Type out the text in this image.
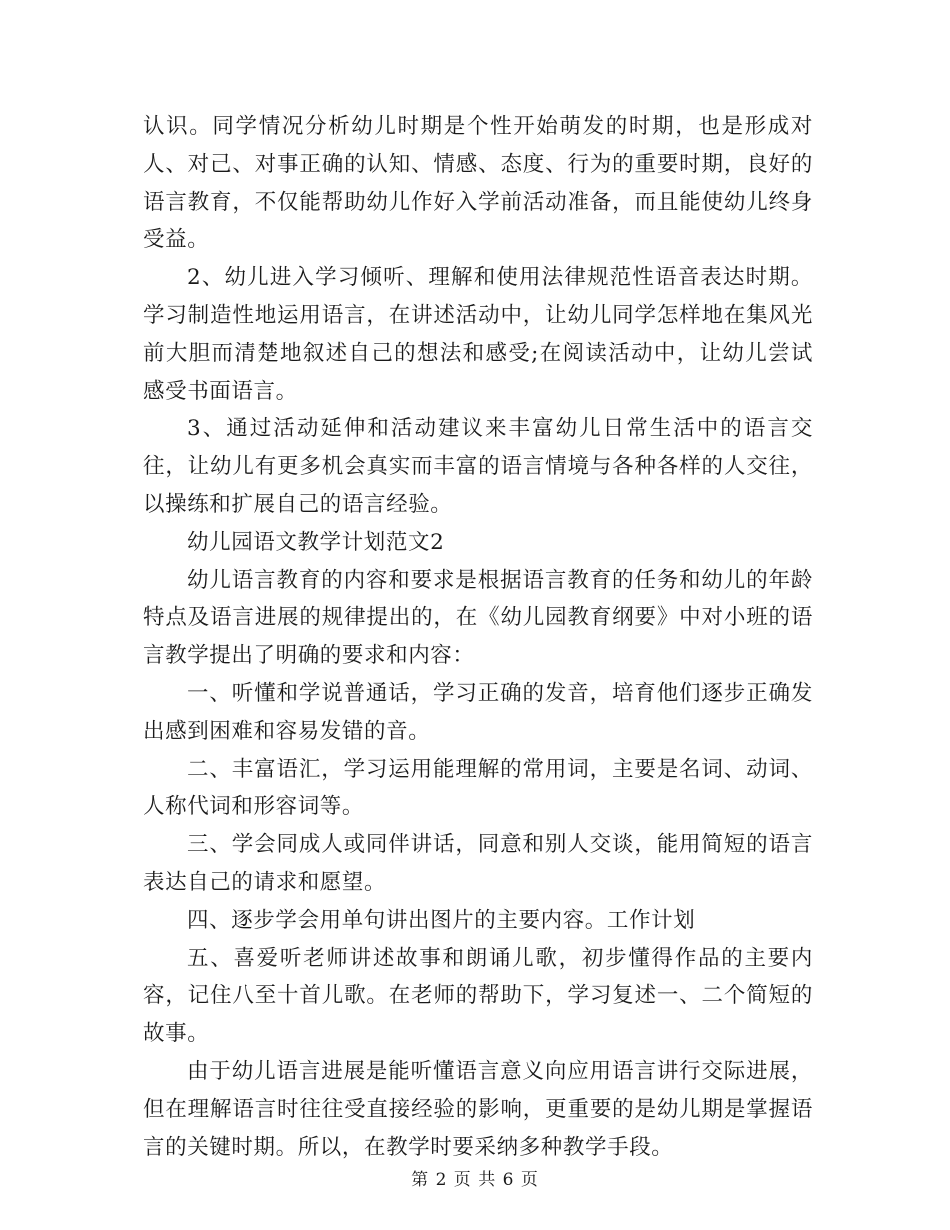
认识。同学情况分析幼儿时期是个性开始萌发的时期，也是形成对人、对己、对事正确的认知、情感、态度、行为的重要时期，良好的语言教育，不仅能帮助幼儿作好入学前活动准备，而且能使幼儿终身受益。

2、幼儿进入学习倾听、理解和使用法律规范性语音表达时期。学习制造性地运用语言，在讲述活动中，让幼儿同学怎样地在集风光前大胆而清楚地叙述自己的想法和感受;在阅读活动中，让幼儿尝试感受书面语言。

3、通过活动延伸和活动建议来丰富幼儿日常生活中的语言交往，让幼儿有更多机会真实而丰富的语言情境与各种各样的人交往，以操练和扩展自己的语言经验。

幼儿园语文教学计划范文2

幼儿语言教育的内容和要求是根据语言教育的任务和幼儿的年龄特点及语言进展的规律提出的，在《幼儿园教育纲要》中对小班的语言教学提出了明确的要求和内容：

一、听懂和学说普通话，学习正确的发音，培育他们逐步正确发出感到困难和容易发错的音。

二、丰富语汇，学习运用能理解的常用词，主要是名词、动词、人称代词和形容词等。

三、学会同成人或同伴讲话，同意和别人交谈，能用简短的语言表达自己的请求和愿望。

四、逐步学会用单句讲出图片的主要内容。工作计划

五、喜爱听老师讲述故事和朗诵儿歌，初步懂得作品的主要内容，记住八至十首儿歌。在老师的帮助下，学习复述一、二个简短的故事。

由于幼儿语言进展是能听懂语言意义向应用语言讲行交际进展，但在理解语言时往往受直接经验的影响，更重要的是幼儿期是掌握语言的关键时期。所以，在教学时要采纳多种教学手段。

第 2 页 共 6 页
